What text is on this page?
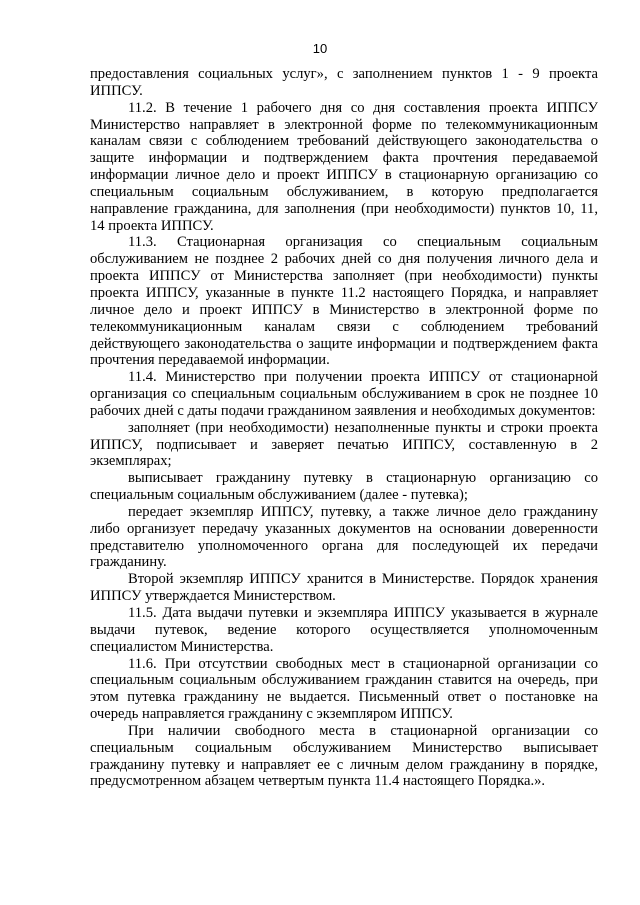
10

предоставления социальных услуг», с заполнением пунктов 1 - 9 проекта ИППСУ.

11.2. В течение 1 рабочего дня со дня составления проекта ИППСУ Министерство направляет в электронной форме по телекоммуникационным каналам связи с соблюдением требований действующего законодательства о защите информации и подтверждением факта прочтения передаваемой информации личное дело и проект ИППСУ в стационарную организацию со специальным социальным обслуживанием, в которую предполагается направление гражданина, для заполнения (при необходимости) пунктов 10, 11, 14 проекта ИППСУ.

11.3. Стационарная организация со специальным социальным обслуживанием не позднее 2 рабочих дней со дня получения личного дела и проекта ИППСУ от Министерства заполняет (при необходимости) пункты проекта ИППСУ, указанные в пункте 11.2 настоящего Порядка, и направляет личное дело и проект ИППСУ в Министерство в электронной форме по телекоммуникационным каналам связи с соблюдением требований действующего законодательства о защите информации и подтверждением факта прочтения передаваемой информации.

11.4. Министерство при получении проекта ИППСУ от стационарной организация со специальным социальным обслуживанием в срок не позднее 10 рабочих дней с даты подачи гражданином заявления и необходимых документов:

заполняет (при необходимости) незаполненные пункты и строки проекта ИППСУ, подписывает и заверяет печатью ИППСУ, составленную в 2 экземплярах;

выписывает гражданину путевку в стационарную организацию со специальным социальным обслуживанием (далее - путевка);

передает экземпляр ИППСУ, путевку, а также личное дело гражданину либо организует передачу указанных документов на основании доверенности представителю уполномоченного органа для последующей их передачи гражданину.

Второй экземпляр ИППСУ хранится в Министерстве. Порядок хранения ИППСУ утверждается Министерством.

11.5. Дата выдачи путевки и экземпляра ИППСУ указывается в журнале выдачи путевок, ведение которого осуществляется уполномоченным специалистом Министерства.

11.6. При отсутствии свободных мест в стационарной организации со специальным социальным обслуживанием гражданин ставится на очередь, при этом путевка гражданину не выдается. Письменный ответ о постановке на очередь направляется гражданину с экземпляром ИППСУ.

При наличии свободного места в стационарной организации со специальным социальным обслуживанием Министерство выписывает гражданину путевку и направляет ее с личным делом гражданину в порядке, предусмотренном абзацем четвертым пункта 11.4 настоящего Порядка.».
